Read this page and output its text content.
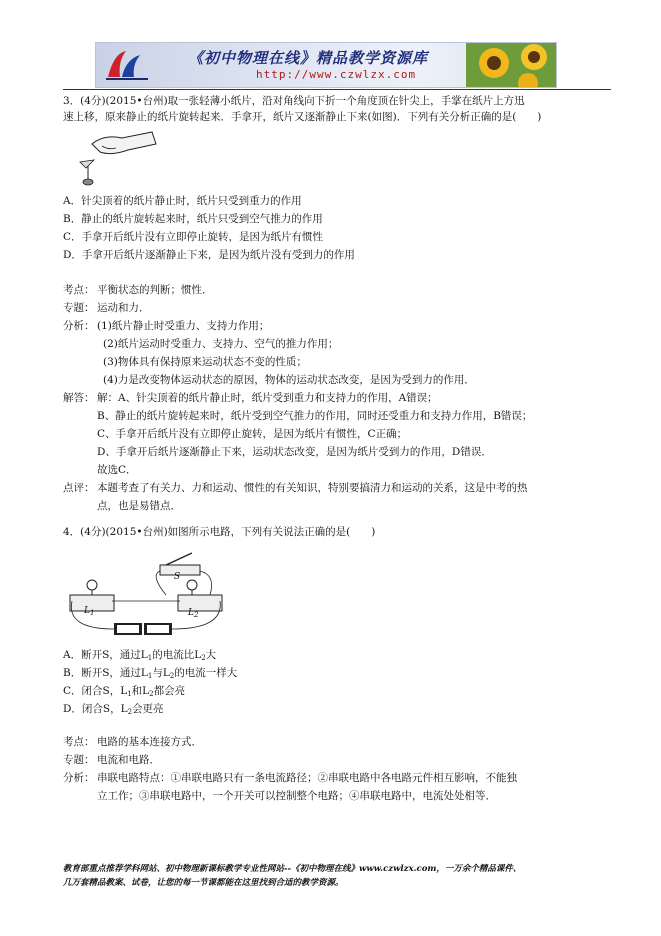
《初中物理在线》精品教学资源库
http://www.czwlzx.com
3．(4分)(2015•台州)取一张轻薄小纸片，沿对角线向下折一个角度顶在针尖上，手掌在纸片上方迅
速上移，原来静止的纸片旋转起来．手拿开，纸片又逐渐静止下来(如图)．下列有关分析正确的是(　　)
A．针尖顶着的纸片静止时，纸片只受到重力的作用
B．静止的纸片旋转起来时，纸片只受到空气推力的作用
C．手拿开后纸片没有立即停止旋转，是因为纸片有惯性
D．手拿开后纸片逐渐静止下来，是因为纸片没有受到力的作用
考点： 平衡状态的判断；惯性．
专题： 运动和力．
分析： (1)纸片静止时受重力、支持力作用；
(2)纸片运动时受重力、支持力、空气的推力作用；
(3)物体具有保持原来运动状态不变的性质；
(4)力是改变物体运动状态的原因，物体的运动状态改变，是因为受到力的作用．
解答： 解：A、针尖顶着的纸片静止时，纸片受到重力和支持力的作用，A错误；
B、静止的纸片旋转起来时，纸片受到空气推力的作用，同时还受重力和支持力作用，B错误；
C、手拿开后纸片没有立即停止旋转，是因为纸片有惯性，C正确；
D、手拿开后纸片逐渐静止下来，运动状态改变，是因为纸片受到力的作用，D错误．
故选C．
点评： 本题考查了有关力、力和运动、惯性的有关知识，特别要搞清力和运动的关系，这是中考的热
点，也是易错点．
4．(4分)(2015•台州)如图所示电路，下列有关说法正确的是(　　)
S
$L_1$	$L_2$
A．断开S，通过$L_1$的电流比$L_2$大
B．断开S，通过$L_1$与$L_2$的电流一样大
C．闭合S，$L_1$和$L_2$都会亮
D．闭合S，$L_2$会更亮
考点： 电路的基本连接方式．
专题： 电流和电路．
分析： 串联电路特点：①串联电路只有一条电流路径；②串联电路中各电路元件相互影响，不能独
立工作；③串联电路中，一个开关可以控制整个电路；④串联电路中，电流处处相等．
教育部重点推荐学科网站、初中物理新课标教学专业性网站--《初中物理在线》www.czwlzx.com，一万余个精品课件、
几万套精品教案、试卷，让您的每一节课都能在这里找到合适的教学资源。
